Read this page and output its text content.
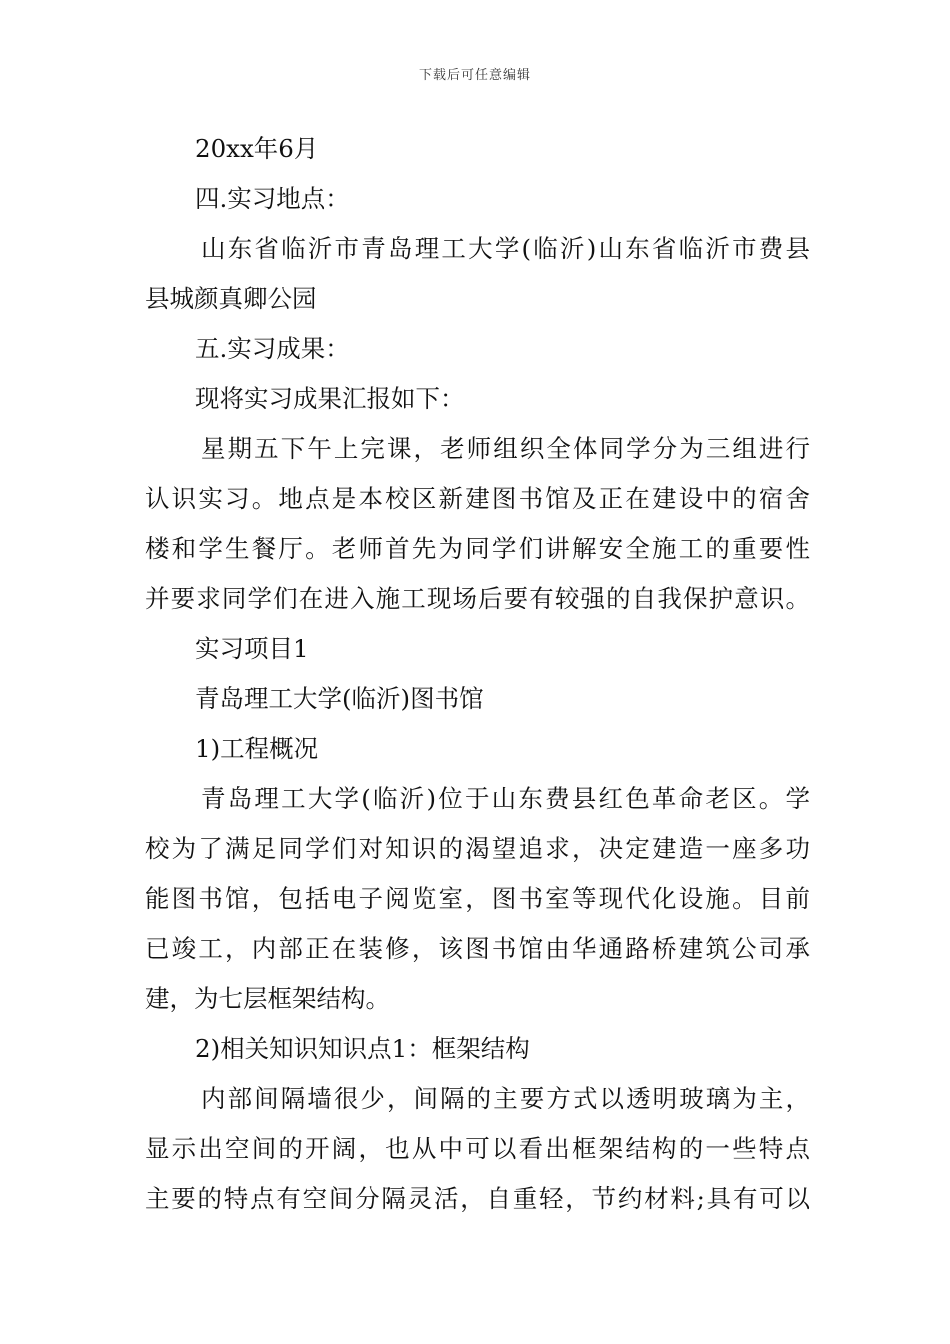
下载后可任意编辑
20xx年6月
四.实习地点：
山东省临沂市青岛理工大学(临沂)山东省临沂市费县
县城颜真卿公园
五.实习成果：
现将实习成果汇报如下：
星期五下午上完课，老师组织全体同学分为三组进行
认识实习。地点是本校区新建图书馆及正在建设中的宿舍
楼和学生餐厅。老师首先为同学们讲解安全施工的重要性
并要求同学们在进入施工现场后要有较强的自我保护意识。
实习项目1
青岛理工大学(临沂)图书馆
1)工程概况
青岛理工大学(临沂)位于山东费县红色革命老区。学
校为了满足同学们对知识的渴望追求，决定建造一座多功
能图书馆，包括电子阅览室，图书室等现代化设施。目前
已竣工，内部正在装修，该图书馆由华通路桥建筑公司承
建，为七层框架结构。
2)相关知识知识点1：框架结构
内部间隔墙很少，间隔的主要方式以透明玻璃为主，
显示出空间的开阔，也从中可以看出框架结构的一些特点
主要的特点有空间分隔灵活，自重轻，节约材料;具有可以
